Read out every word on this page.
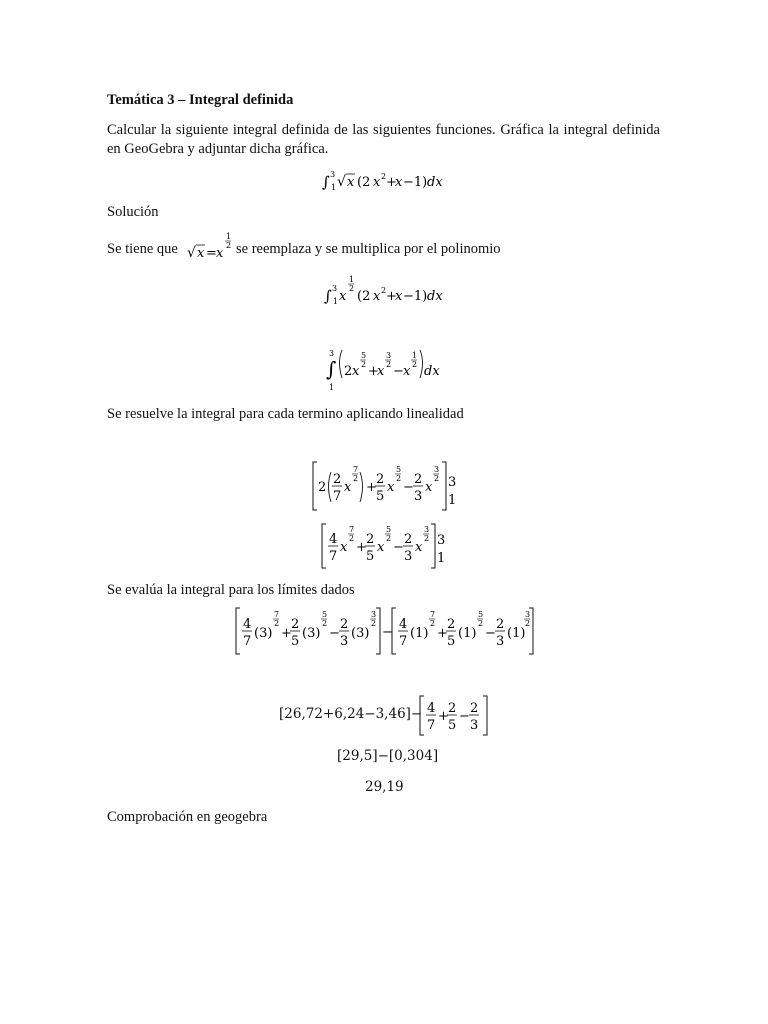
Temática 3 – Integral definida
Calcular la siguiente integral definida de las siguientes funciones. Gráfica la integral definida en GeoGebra y adjuntar dicha gráfica.
∫ 3
1 √ x (2 x 2 +
x −1) dx
Solución
Se tiene que √ x = x
1
2 se reemplaza y se multiplica por el polinomio
∫ 3
1 x
1
2
(2 x 2 +
x −1) dx
3
∫
1
2 x
5
2 +
x
3
2 − x
1
2 dx
Se resuelve la integral para cada termino aplicando linealidad
2
2
7
x
7
2
+
2
5
x
5
2
−
2
3
x
3
2 3
1
4
7
x
7
2
+
2
5
x
5
2
−
2
3
x
3
2 3
1
Se evalúa la integral para los límites dados
4
7
(3)
7
2
+
2
5
(3)
5
2
−
2
3
(3)
3
2
−
4
7
(1)
7
2
+
2
5
(1)
5
2
−
2
3
(1)
3
2
[26,72+6,24−3,46]− 4
7
+
2
5
−
2
3
[29,5]−[0,304]
29,19
Comprobación en geogebra
